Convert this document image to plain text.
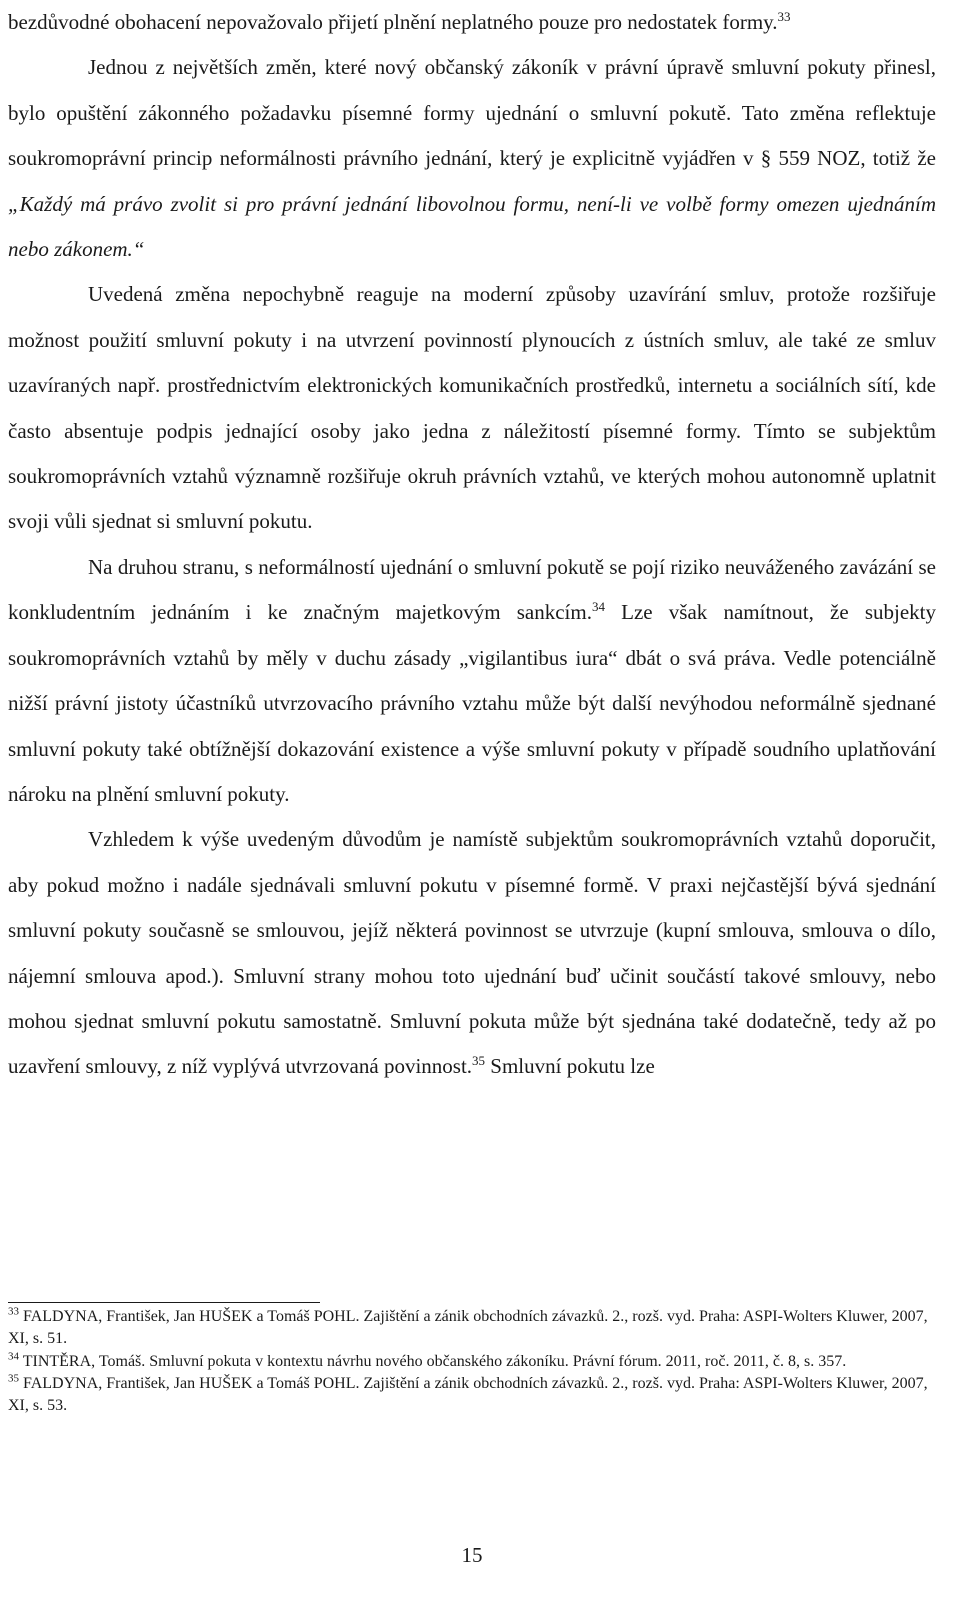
bezdůvodné obohacení nepovažovalo přijetí plnění neplatného pouze pro nedostatek formy.$^{33}$

Jednou z největších změn, které nový občanský zákoník v právní úpravě smluvní pokuty přinesl, bylo opuštění zákonného požadavku písemné formy ujednání o smluvní pokutě. Tato změna reflektuje soukromoprávní princip neformálnosti právního jednání, který je explicitně vyjádřen v § 559 NOZ, totiž že „Každý má právo zvolit si pro právní jednání libovolnou formu, není-li ve volbě formy omezen ujednáním nebo zákonem.“

Uvedená změna nepochybně reaguje na moderní způsoby uzavírání smluv, protože rozšiřuje možnost použití smluvní pokuty i na utvrzení povinností plynoucích z ústních smluv, ale také ze smluv uzavíraných např. prostřednictvím elektronických komunikačních prostředků, internetu a sociálních sítí, kde často absentuje podpis jednající osoby jako jedna z náležitostí písemné formy. Tímto se subjektům soukromoprávních vztahů významně rozšiřuje okruh právních vztahů, ve kterých mohou autonomně uplatnit svoji vůli sjednat si smluvní pokutu.

Na druhou stranu, s neformálností ujednání o smluvní pokutě se pojí riziko neuváženého zavázání se konkludentním jednáním i ke značným majetkovým sankcím.$^{34}$ Lze však namítnout, že subjekty soukromoprávních vztahů by měly v duchu zásady „vigilantibus iura“ dbát o svá práva. Vedle potenciálně nižší právní jistoty účastníků utvrzovacího právního vztahu může být další nevýhodou neformálně sjednané smluvní pokuty také obtížnější dokazování existence a výše smluvní pokuty v případě soudního uplatňování nároku na plnění smluvní pokuty.

Vzhledem k výše uvedeným důvodům je namístě subjektům soukromoprávních vztahů doporučit, aby pokud možno i nadále sjednávali smluvní pokutu v písemné formě. V praxi nejčastější bývá sjednání smluvní pokuty současně se smlouvou, jejíž některá povinnost se utvrzuje (kupní smlouva, smlouva o dílo, nájemní smlouva apod.). Smluvní strany mohou toto ujednání buď učinit součástí takové smlouvy, nebo mohou sjednat smluvní pokutu samostatně. Smluvní pokuta může být sjednána také dodatečně, tedy až po uzavření smlouvy, z níž vyplývá utvrzovaná povinnost.$^{35}$ Smluvní pokutu lze

$^{33}$ FALDYNA, František, Jan HUŠEK a Tomáš POHL. Zajištění a zánik obchodních závazků. 2., rozš. vyd. Praha: ASPI-Wolters Kluwer, 2007, XI, s. 51.

$^{34}$ TINTĚRA, Tomáš. Smluvní pokuta v kontextu návrhu nového občanského zákoníku. Právní fórum. 2011, roč. 2011, č. 8, s. 357.

$^{35}$ FALDYNA, František, Jan HUŠEK a Tomáš POHL. Zajištění a zánik obchodních závazků. 2., rozš. vyd. Praha: ASPI-Wolters Kluwer, 2007, XI, s. 53.

15
